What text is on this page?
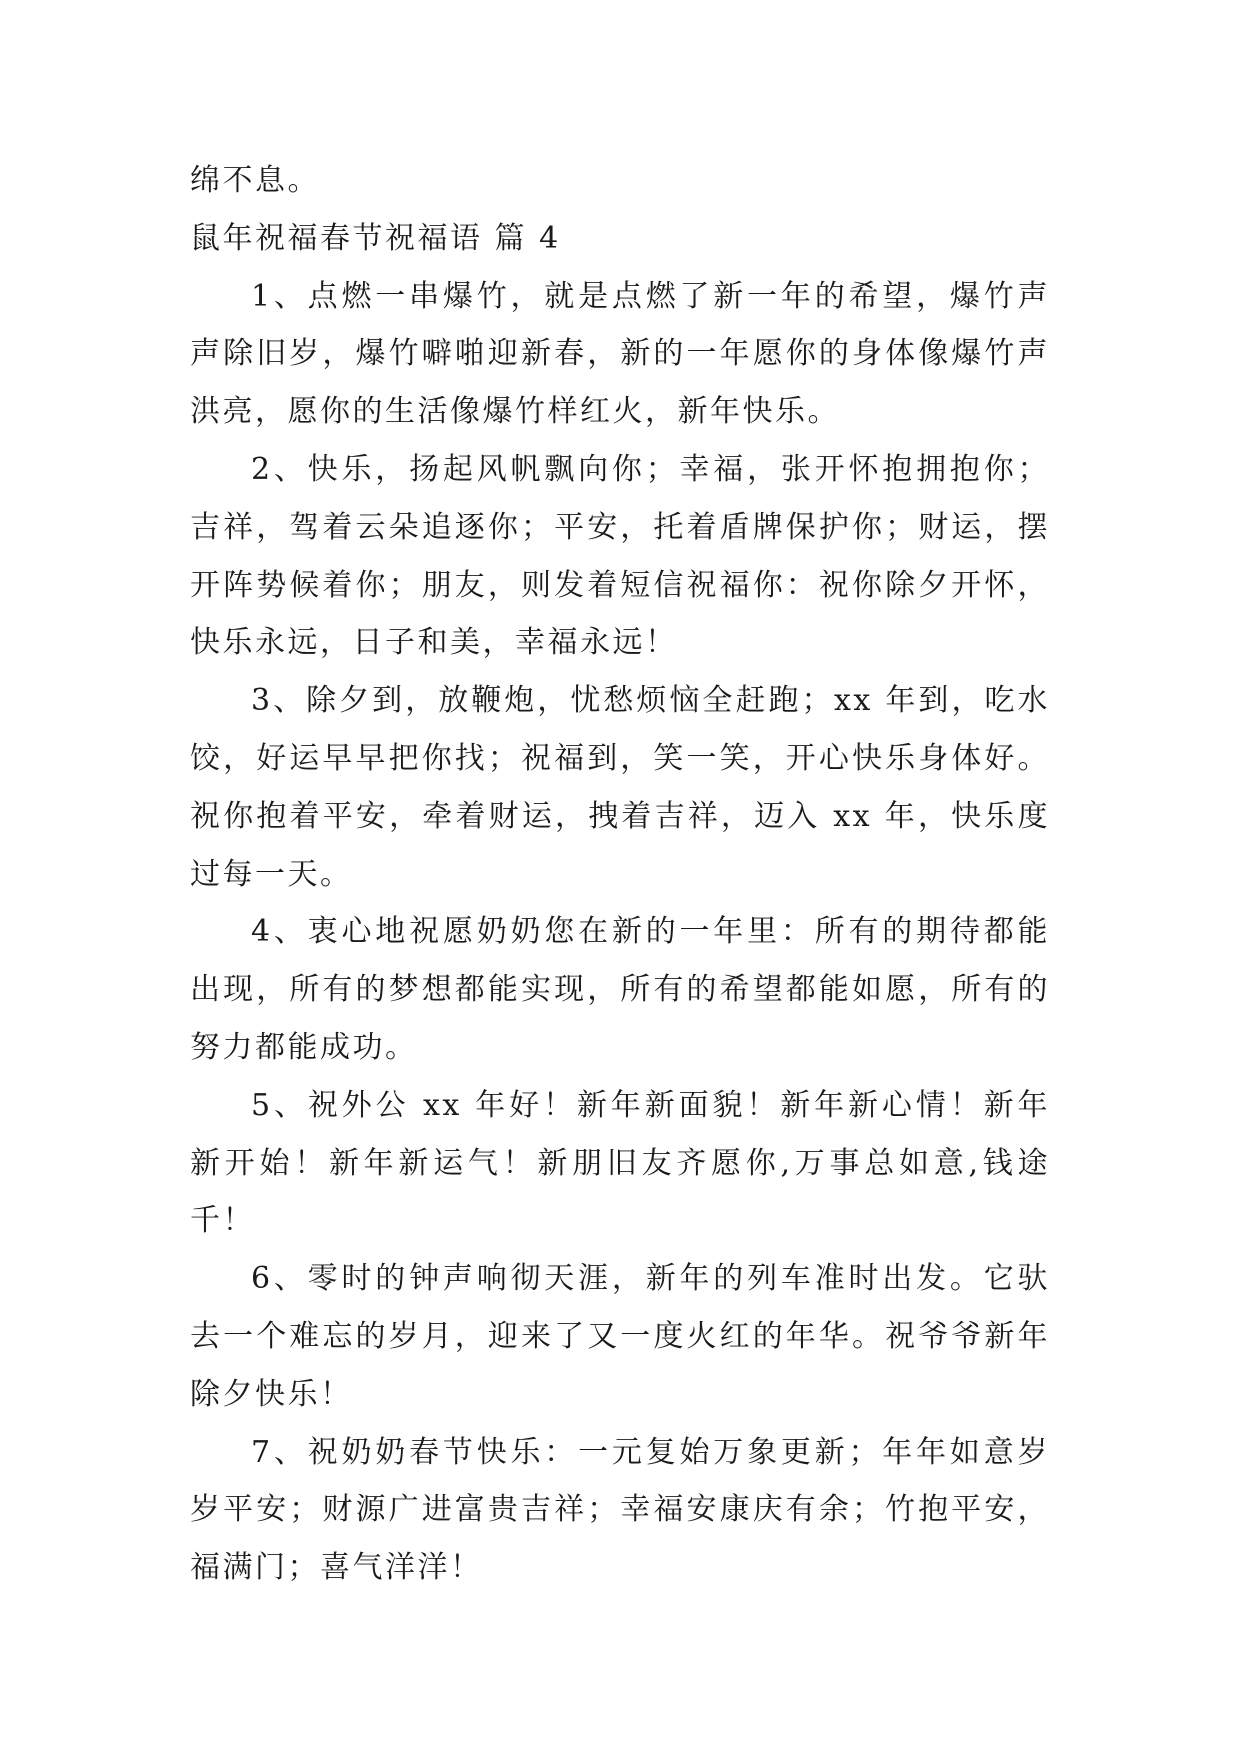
绵不息。

鼠年祝福春节祝福语 篇 4

1、点燃一串爆竹，就是点燃了新一年的希望，爆竹声声除旧岁，爆竹噼啪迎新春，新的一年愿你的身体像爆竹声洪亮，愿你的生活像爆竹样红火，新年快乐。

2、快乐，扬起风帆飘向你；幸福，张开怀抱拥抱你；吉祥，驾着云朵追逐你；平安，托着盾牌保护你；财运，摆开阵势候着你；朋友，则发着短信祝福你：祝你除夕开怀，快乐永远，日子和美，幸福永远！

3、除夕到，放鞭炮，忧愁烦恼全赶跑；xx 年到，吃水饺，好运早早把你找；祝福到，笑一笑，开心快乐身体好。祝你抱着平安，牵着财运，拽着吉祥，迈入 xx 年，快乐度过每一天。

4、衷心地祝愿奶奶您在新的一年里：所有的期待都能出现，所有的梦想都能实现，所有的希望都能如愿，所有的努力都能成功。

5、祝外公 xx 年好！新年新面貌！新年新心情！新年新开始！新年新运气！新朋旧友齐愿你,万事总如意,钱途千！

6、零时的钟声响彻天涯，新年的列车准时出发。它驮去一个难忘的岁月，迎来了又一度火红的年华。祝爷爷新年除夕快乐！

7、祝奶奶春节快乐：一元复始万象更新；年年如意岁岁平安；财源广进富贵吉祥；幸福安康庆有余；竹抱平安，福满门；喜气洋洋！
